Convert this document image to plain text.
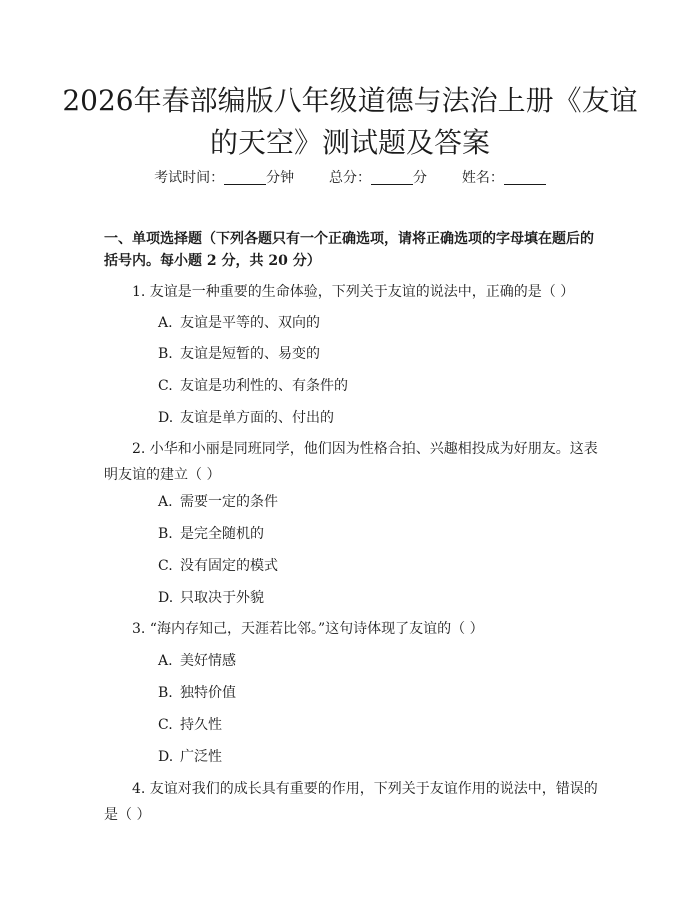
2026年春部编版八年级道德与法治上册《友谊的天空》测试题及答案
考试时间：	分钟 总分：	分 姓名：

一、单项选择题（下列各题只有一个正确选项，请将正确选项的字母填在题后的括号内。每小题 2 分，共 20 分）

1. 友谊是一种重要的生命体验，下列关于友谊的说法中，正确的是（ ）

A. 友谊是平等的、双向的

B. 友谊是短暂的、易变的

C. 友谊是功利性的、有条件的

D. 友谊是单方面的、付出的

2. 小华和小丽是同班同学，他们因为性格合拍、兴趣相投成为好朋友。这表明友谊的建立（ ）

A. 需要一定的条件

B. 是完全随机的

C. 没有固定的模式

D. 只取决于外貌

3. “海内存知己，天涯若比邻。”这句诗体现了友谊的（ ）

A. 美好情感

B. 独特价值

C. 持久性

D. 广泛性

4. 友谊对我们的成长具有重要的作用，下列关于友谊作用的说法中，错误的是（ ）
